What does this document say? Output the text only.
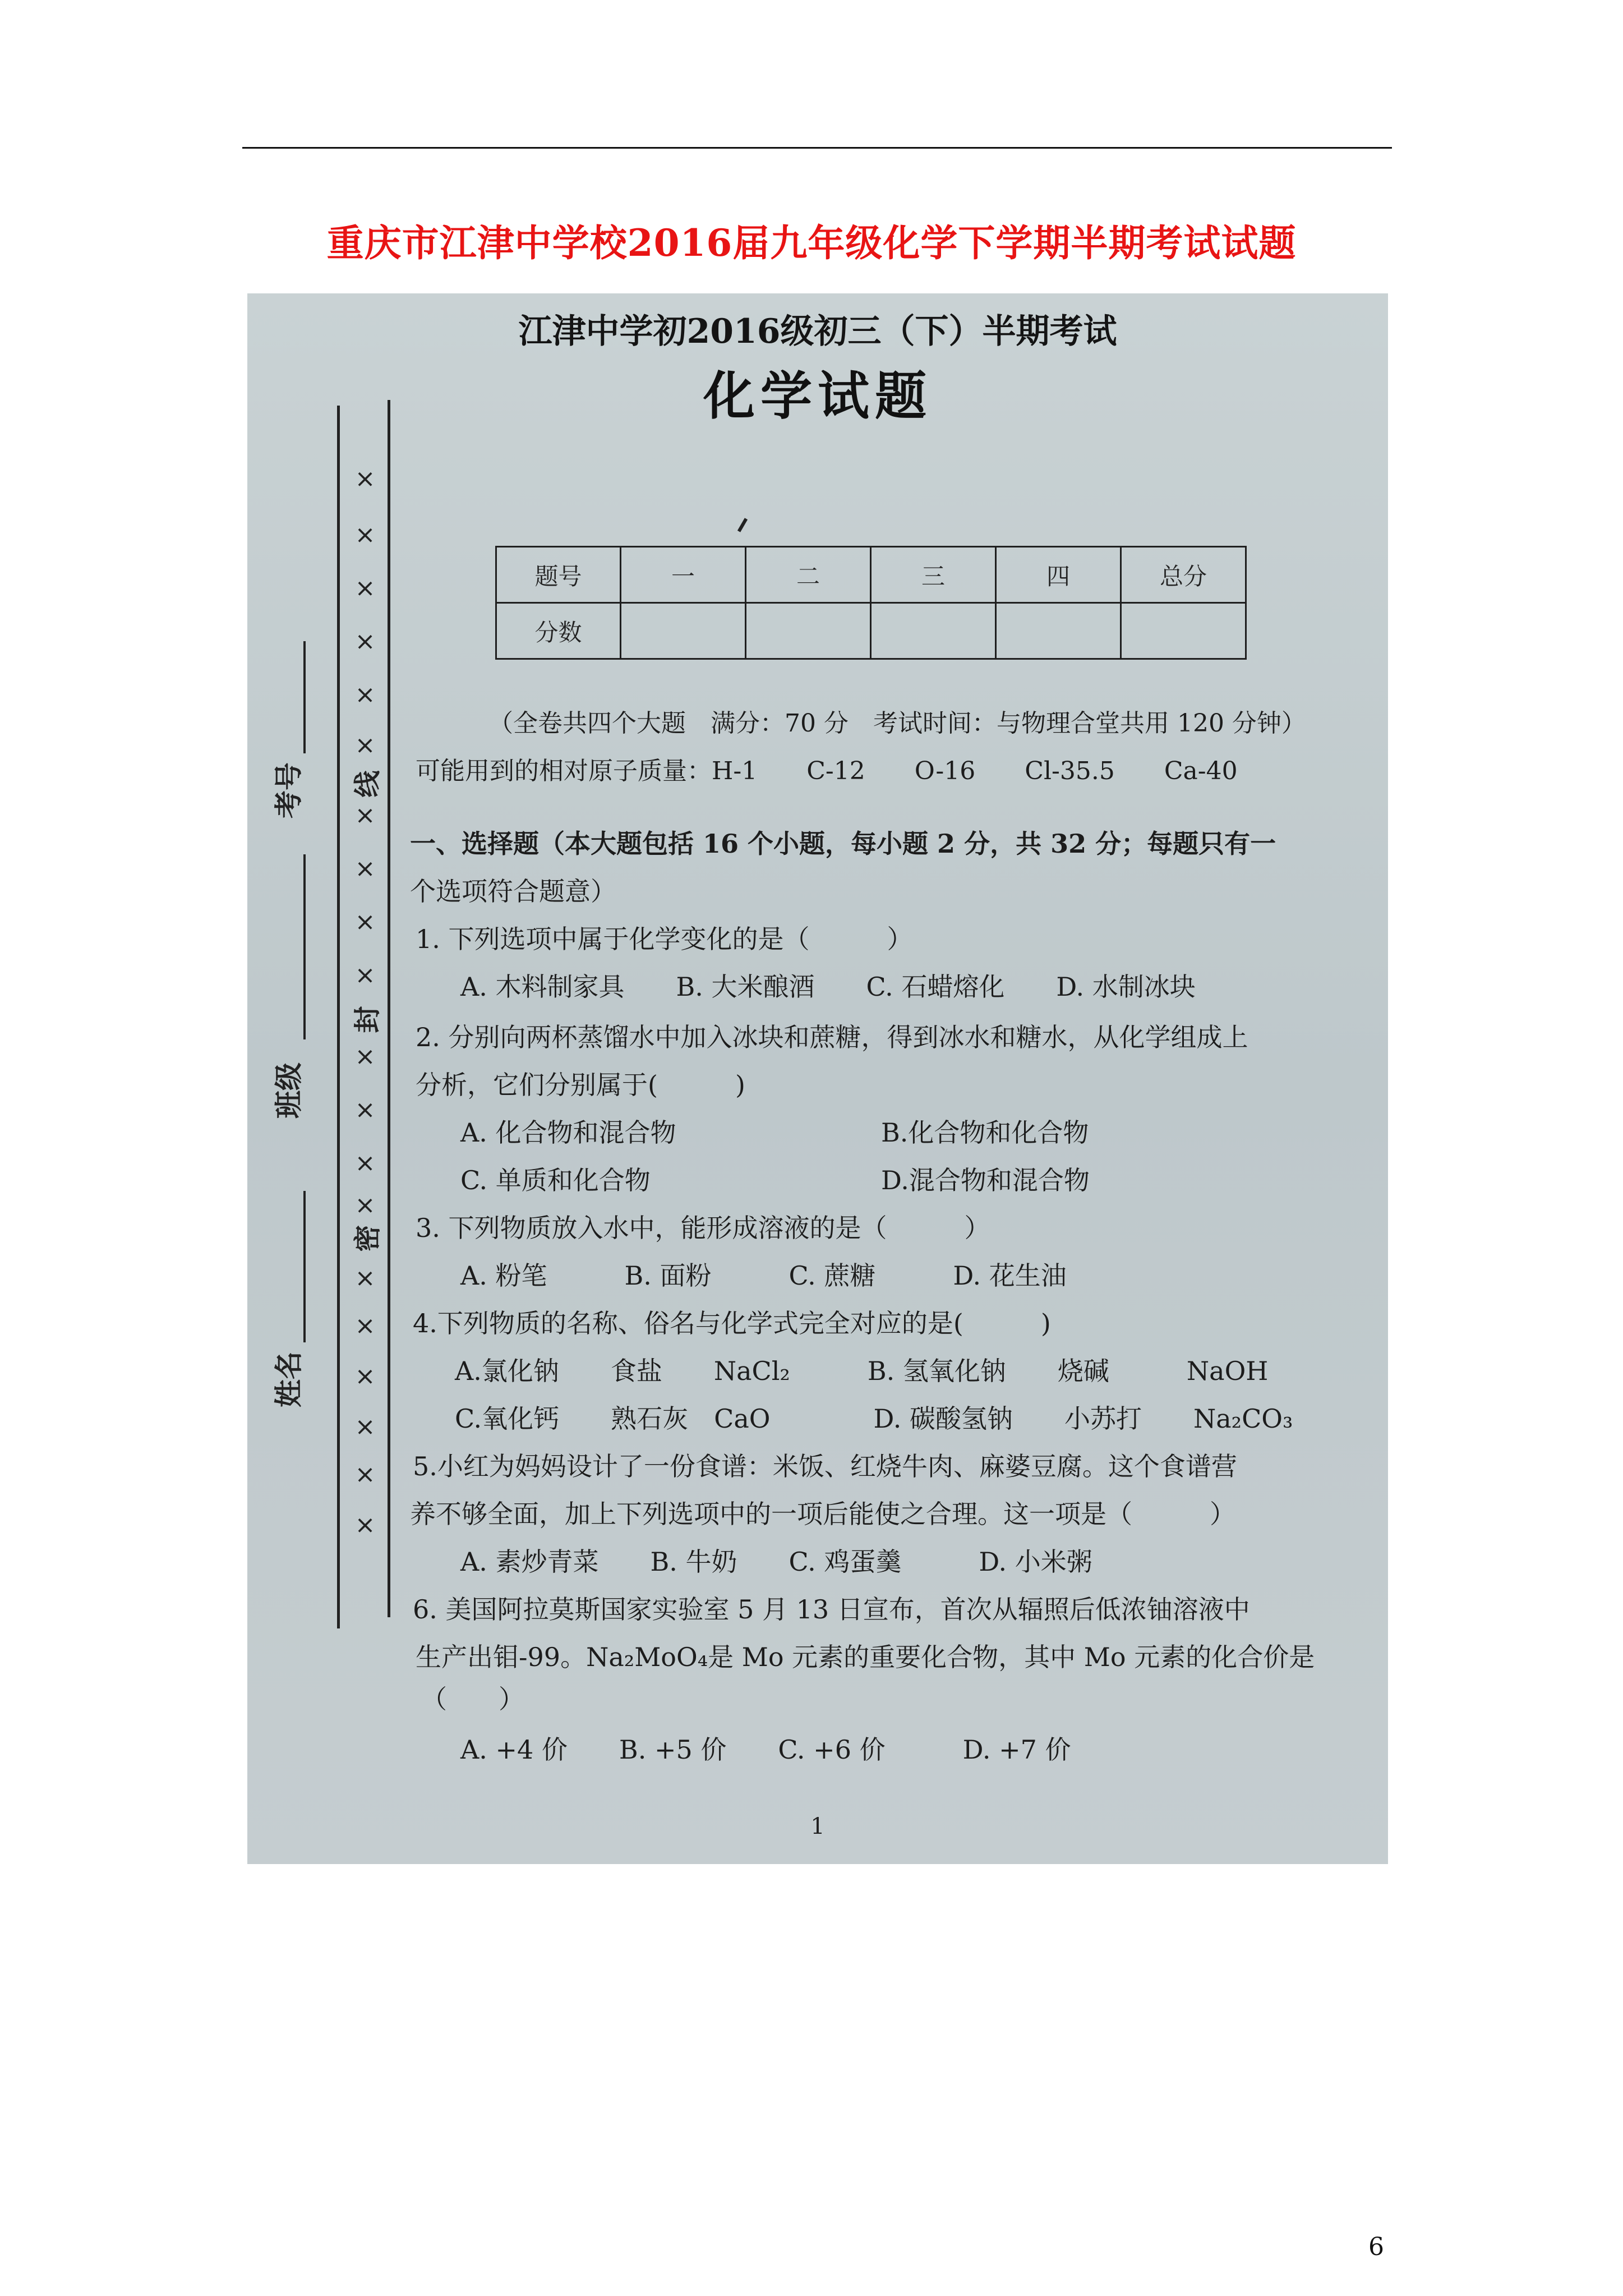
重庆市江津中学校2016届九年级化学下学期半期考试试题
江津中学初2016级初三（下）半期考试
化学试题
题号	一	二	三	四	总分
分数					
考号
班级
姓名
×
×
×
×
×
×
线
×
×
×
×
封
×
×
×
×
密
×
×
×
×
×
×
（全卷共四个大题　满分：70 分　考试时间：与物理合堂共用 120 分钟）
可能用到的相对原子质量：H-1　　C-12　　O-16　　Cl-35.5　　Ca-40
一、选择题（本大题包括 16 个小题，每小题 2 分，共 32 分；每题只有一
个选项符合题意）
1. 下列选项中属于化学变化的是（　　　）
A. 木料制家具　　B. 大米酿酒　　C. 石蜡熔化　　D. 水制冰块
2. 分别向两杯蒸馏水中加入冰块和蔗糖，得到冰水和糖水，从化学组成上
分析，它们分别属于(　　　)
A. 化合物和混合物	B.化合物和化合物
C. 单质和化合物	D.混合物和混合物
3. 下列物质放入水中，能形成溶液的是（　　　）
A. 粉笔　　　B. 面粉　　　C. 蔗糖　　　D. 花生油
4.下列物质的名称、俗名与化学式完全对应的是(　　　)
A.氯化钠　　食盐　　NaCl₂　　　B. 氢氧化钠　　烧碱　　　NaOH
C.氧化钙　　熟石灰　CaO　　　　D. 碳酸氢钠　　小苏打　　Na₂CO₃
5.小红为妈妈设计了一份食谱：米饭、红烧牛肉、麻婆豆腐。这个食谱营
养不够全面，加上下列选项中的一项后能使之合理。这一项是（　　　）
A. 素炒青菜　　B. 牛奶　　C. 鸡蛋羹　　　D. 小米粥
6. 美国阿拉莫斯国家实验室 5 月 13 日宣布，首次从辐照后低浓铀溶液中
生产出钼-99。Na₂MoO₄是 Mo 元素的重要化合物，其中 Mo 元素的化合价是
（　　）
A. +4 价　　B. +5 价　　C. +6 价　　　D. +7 价
1
6
